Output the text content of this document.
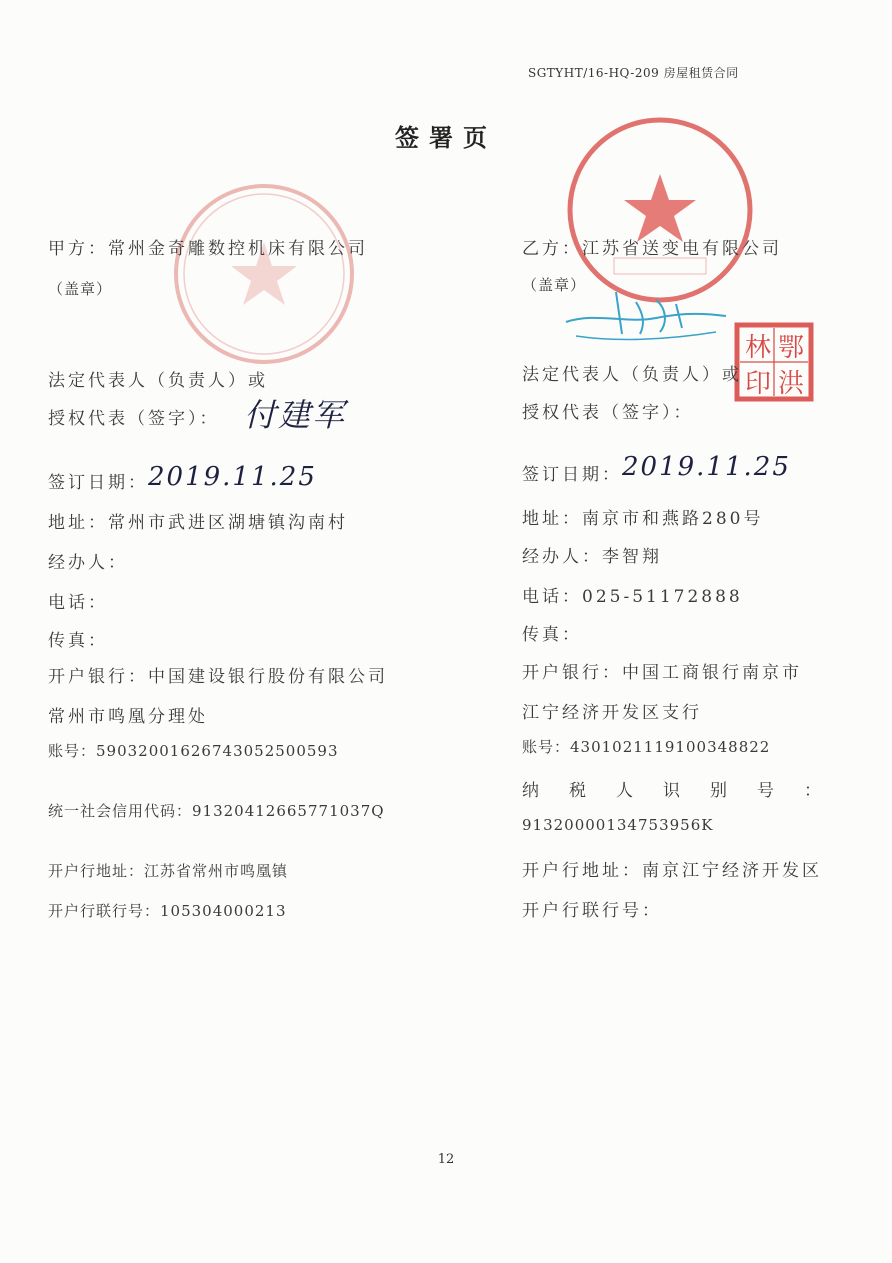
SGTYHT/16-HQ-209 房屋租赁合同
签署页
林 鄂
印 洪
甲方：常州金奇雕数控机床有限公司
（盖章）
法定代表人（负责人）或
授权代表（签字）： 付建军
签订日期： 2019.11.25
地址：常州市武进区湖塘镇沟南村
经办人：
电话：
传真：
开户银行：中国建设银行股份有限公司
常州市鸣凰分理处
账号：59032001626743052500593
统一社会信用代码：91320412665771037Q
开户行地址：江苏省常州市鸣凰镇
开户行联行号：105304000213
乙方：江苏省送变电有限公司
（盖章）
法定代表人（负责人）或
授权代表（签字）：
签订日期： 2019.11.25
地址：南京市和燕路280号
经办人：李智翔
电话：025-51172888
传真：
开户银行：中国工商银行南京市
江宁经济开发区支行
账号：4301021119100348822
纳税人识别号：
91320000134753956K
开户行地址：南京江宁经济开发区
开户行联行号：
12
